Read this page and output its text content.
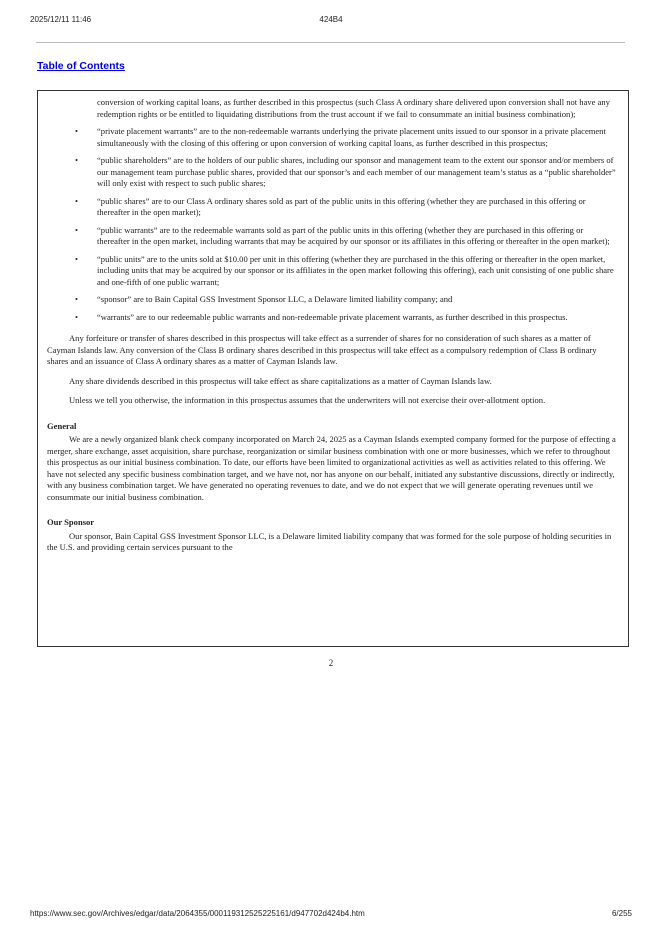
2025/12/11 11:46	424B4
Table of Contents

conversion of working capital loans, as further described in this prospectus (such Class A ordinary share delivered upon conversion shall not have any redemption rights or be entitled to liquidating distributions from the trust account if we fail to consummate an initial business combination);

• “private placement warrants” are to the non-redeemable warrants underlying the private placement units issued to our sponsor in a private placement simultaneously with the closing of this offering or upon conversion of working capital loans, as further described in this prospectus;

• “public shareholders” are to the holders of our public shares, including our sponsor and management team to the extent our sponsor and/or members of our management team purchase public shares, provided that our sponsor’s and each member of our management team’s status as a “public shareholder” will only exist with respect to such public shares;

• “public shares” are to our Class A ordinary shares sold as part of the public units in this offering (whether they are purchased in this offering or thereafter in the open market);

• “public warrants” are to the redeemable warrants sold as part of the public units in this offering (whether they are purchased in this offering or thereafter in the open market, including warrants that may be acquired by our sponsor or its affiliates in this offering or thereafter in the open market);

• “public units” are to the units sold at $10.00 per unit in this offering (whether they are purchased in the this offering or thereafter in the open market, including units that may be acquired by our sponsor or its affiliates in the open market following this offering), each unit consisting of one public share and one-fifth of one public warrant;

• “sponsor” are to Bain Capital GSS Investment Sponsor LLC, a Delaware limited liability company; and

• “warrants” are to our redeemable public warrants and non-redeemable private placement warrants, as further described in this prospectus.

Any forfeiture or transfer of shares described in this prospectus will take effect as a surrender of shares for no consideration of such shares as a matter of Cayman Islands law. Any conversion of the Class B ordinary shares described in this prospectus will take effect as a compulsory redemption of Class B ordinary shares and an issuance of Class A ordinary shares as a matter of Cayman Islands law.

Any share dividends described in this prospectus will take effect as share capitalizations as a matter of Cayman Islands law.

Unless we tell you otherwise, the information in this prospectus assumes that the underwriters will not exercise their over-allotment option.

General

We are a newly organized blank check company incorporated on March 24, 2025 as a Cayman Islands exempted company formed for the purpose of effecting a merger, share exchange, asset acquisition, share purchase, reorganization or similar business combination with one or more businesses, which we refer to throughout this prospectus as our initial business combination. To date, our efforts have been limited to organizational activities as well as activities related to this offering. We have not selected any specific business combination target, and we have not, nor has anyone on our behalf, initiated any substantive discussions, directly or indirectly, with any business combination target. We have generated no operating revenues to date, and we do not expect that we will generate operating revenues until we consummate our initial business combination.

Our Sponsor

Our sponsor, Bain Capital GSS Investment Sponsor LLC, is a Delaware limited liability company that was formed for the sole purpose of holding securities in the U.S. and providing certain services pursuant to the

2
https://www.sec.gov/Archives/edgar/data/2064355/000119312525225161/d947702d424b4.htm	6/255
